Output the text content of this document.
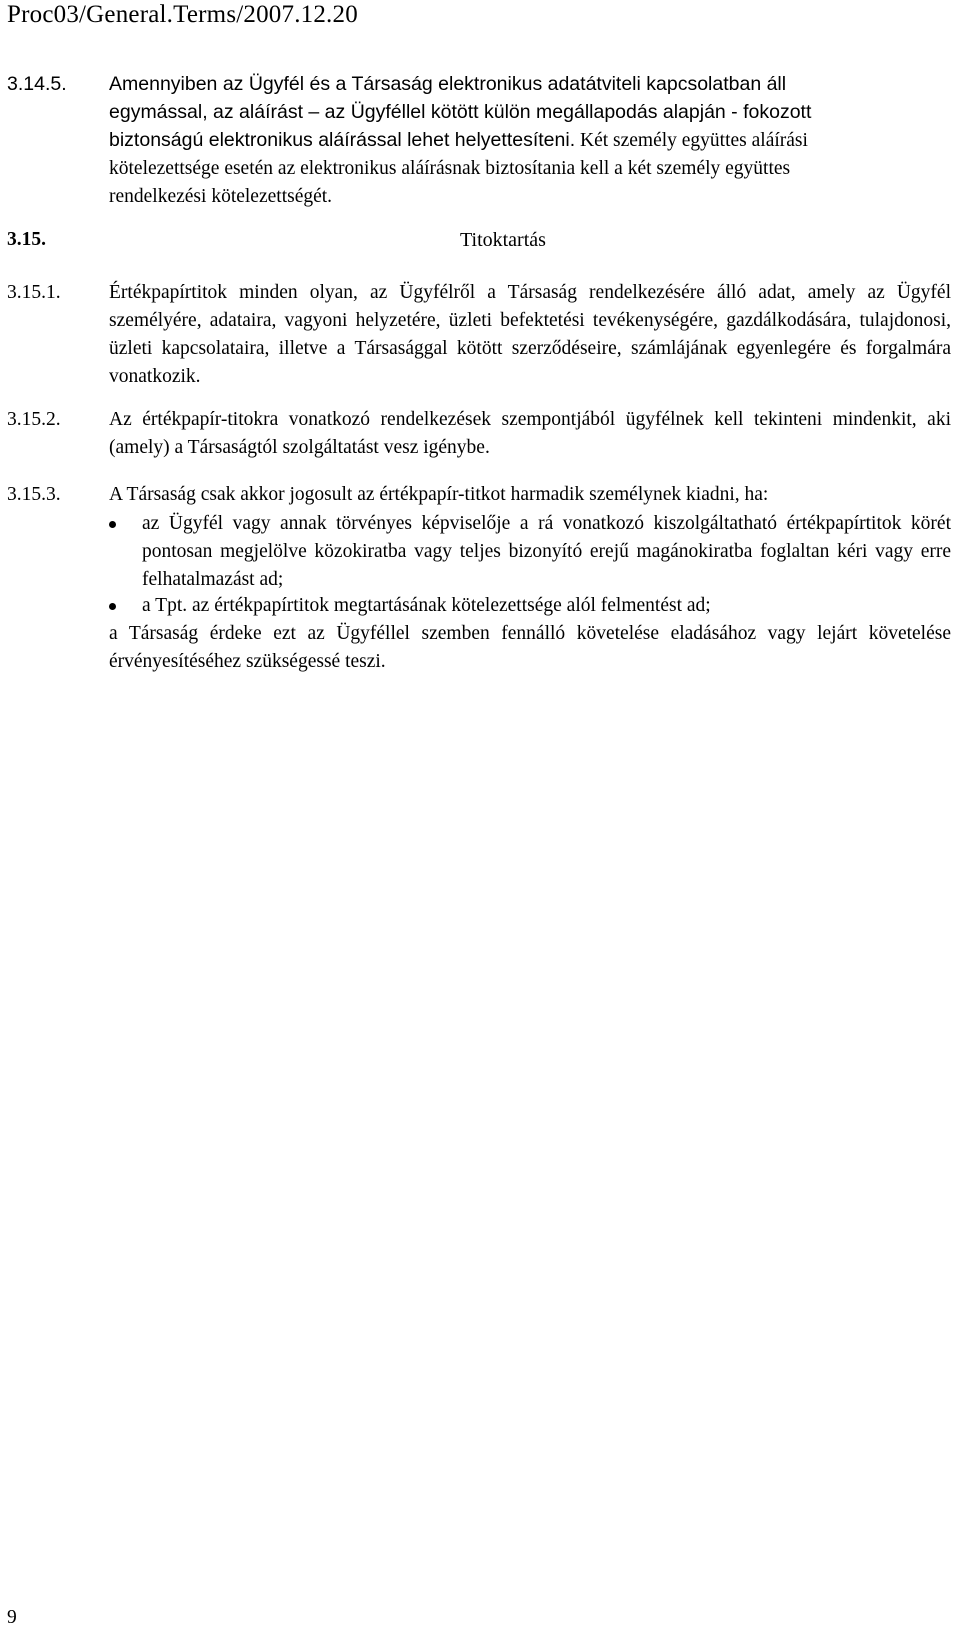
Proc03/General.Terms/2007.12.20
3.14.5. Amennyiben az Ügyfél és a Társaság elektronikus adatátviteli kapcsolatban áll
egymással, az aláírást – az Ügyféllel kötött külön megállapodás alapján - fokozott
biztonságú elektronikus aláírással lehet helyettesíteni. Két személy együttes aláírási
kötelezettsége esetén az elektronikus aláírásnak biztosítania kell a két személy együttes
rendelkezési kötelezettségét.
3.15.	Titoktartás
3.15.1. Értékpapírtitok minden olyan, az Ügyfélről a Társaság rendelkezésére álló adat, amely az Ügyfél személyére, adataira, vagyoni helyzetére, üzleti befektetési tevékenységére, gazdálkodására, tulajdonosi, üzleti kapcsolataira, illetve a Társasággal kötött szerződéseire, számlájának egyenlegére és forgalmára vonatkozik.
3.15.2. Az értékpapír-titokra vonatkozó rendelkezések szempontjából ügyfélnek kell tekinteni mindenkit, aki (amely) a Társaságtól szolgáltatást vesz igénybe.
3.15.3. A Társaság csak akkor jogosult az értékpapír-titkot harmadik személynek kiadni, ha:
az Ügyfél vagy annak törvényes képviselője a rá vonatkozó kiszolgáltatható értékpapírtitok körét pontosan megjelölve közokiratba vagy teljes bizonyító erejű magánokiratba foglaltan kéri vagy erre felhatalmazást ad;
a Tpt. az értékpapírtitok megtartásának kötelezettsége alól felmentést ad;
a Társaság érdeke ezt az Ügyféllel szemben fennálló követelése eladásához vagy lejárt követelése érvényesítéséhez szükségessé teszi.
9
